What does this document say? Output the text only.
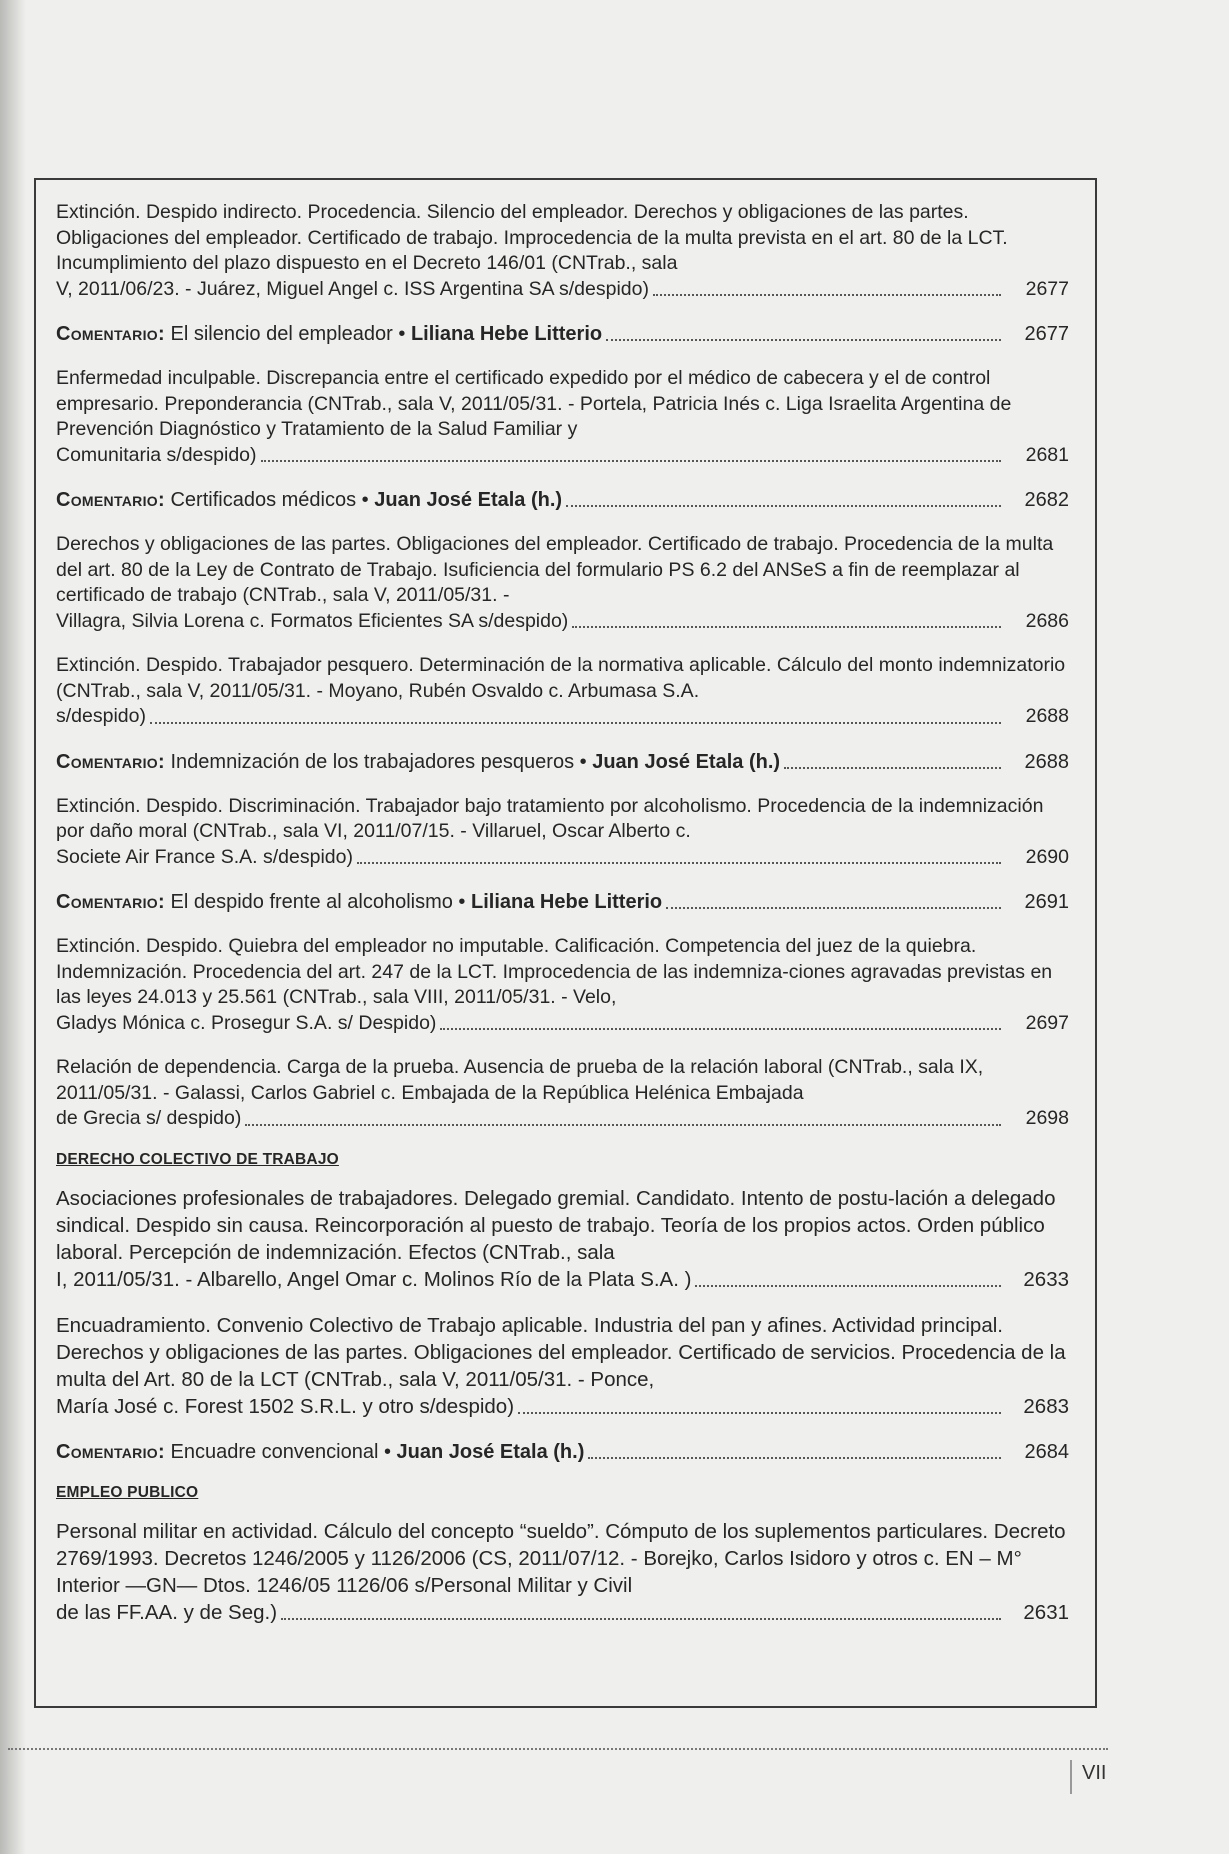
Extinción. Despido indirecto. Procedencia. Silencio del empleador. Derechos y obligaciones de las partes. Obligaciones del empleador. Certificado de trabajo. Improcedencia de la multa prevista en el art. 80 de la LCT. Incumplimiento del plazo dispuesto en el Decreto 146/01 (CNTrab., sala
V, 2011/06/23. - Juárez, Miguel Angel c. ISS Argentina SA s/despido)	2677
Comentario: El silencio del empleador • Liliana Hebe Litterio	2677
Enfermedad inculpable. Discrepancia entre el certificado expedido por el médico de cabecera y el de control empresario. Preponderancia (CNTrab., sala V, 2011/05/31. - Portela, Patricia Inés c. Liga Israelita Argentina de Prevención Diagnóstico y Tratamiento de la Salud Familiar y
Comunitaria s/despido)	2681
Comentario: Certificados médicos • Juan José Etala (h.)	2682
Derechos y obligaciones de las partes. Obligaciones del empleador. Certificado de trabajo. Procedencia de la multa del art. 80 de la Ley de Contrato de Trabajo. Isuficiencia del formulario PS 6.2 del ANSeS a fin de reemplazar al certificado de trabajo (CNTrab., sala V, 2011/05/31. -
Villagra, Silvia Lorena c. Formatos Eficientes SA s/despido)	2686
Extinción. Despido. Trabajador pesquero. Determinación de la normativa aplicable. Cálculo del monto indemnizatorio (CNTrab., sala V, 2011/05/31. - Moyano, Rubén Osvaldo c. Arbumasa S.A.
s/despido)	2688
Comentario: Indemnización de los trabajadores pesqueros • Juan José Etala (h.)	2688
Extinción. Despido. Discriminación. Trabajador bajo tratamiento por alcoholismo. Procedencia de la indemnización por daño moral (CNTrab., sala VI, 2011/07/15. - Villaruel, Oscar Alberto c.
Societe Air France S.A. s/despido)	2690
Comentario: El despido frente al alcoholismo • Liliana Hebe Litterio	2691
Extinción. Despido. Quiebra del empleador no imputable. Calificación. Competencia del juez de la quiebra. Indemnización. Procedencia del art. 247 de la LCT. Improcedencia de las indemniza-ciones agravadas previstas en las leyes 24.013 y 25.561 (CNTrab., sala VIII, 2011/05/31. - Velo,
Gladys Mónica c. Prosegur S.A. s/ Despido)	2697
Relación de dependencia. Carga de la prueba. Ausencia de prueba de la relación laboral (CNTrab., sala IX, 2011/05/31. - Galassi, Carlos Gabriel c. Embajada de la República Helénica Embajada
de Grecia s/ despido)	2698
DERECHO COLECTIVO DE TRABAJO
Asociaciones profesionales de trabajadores. Delegado gremial. Candidato. Intento de postu-lación a delegado sindical. Despido sin causa. Reincorporación al puesto de trabajo. Teoría de los propios actos. Orden público laboral. Percepción de indemnización. Efectos (CNTrab., sala
I, 2011/05/31. - Albarello, Angel Omar c. Molinos Río de la Plata S.A. )	2633
Encuadramiento. Convenio Colectivo de Trabajo aplicable. Industria del pan y afines. Actividad principal. Derechos y obligaciones de las partes. Obligaciones del empleador. Certificado de servicios. Procedencia de la multa del Art. 80 de la LCT (CNTrab., sala V, 2011/05/31. - Ponce,
María José c. Forest 1502 S.R.L. y otro s/despido)	2683
Comentario: Encuadre convencional • Juan José Etala (h.)	2684
EMPLEO PUBLICO
Personal militar en actividad. Cálculo del concepto “sueldo”. Cómputo de los suplementos particulares. Decreto 2769/1993. Decretos 1246/2005 y 1126/2006 (CS, 2011/07/12. - Borejko, Carlos Isidoro y otros c. EN – M° Interior —GN— Dtos. 1246/05 1126/06 s/Personal Militar y Civil
de las FF.AA. y de Seg.)	2631
VII
